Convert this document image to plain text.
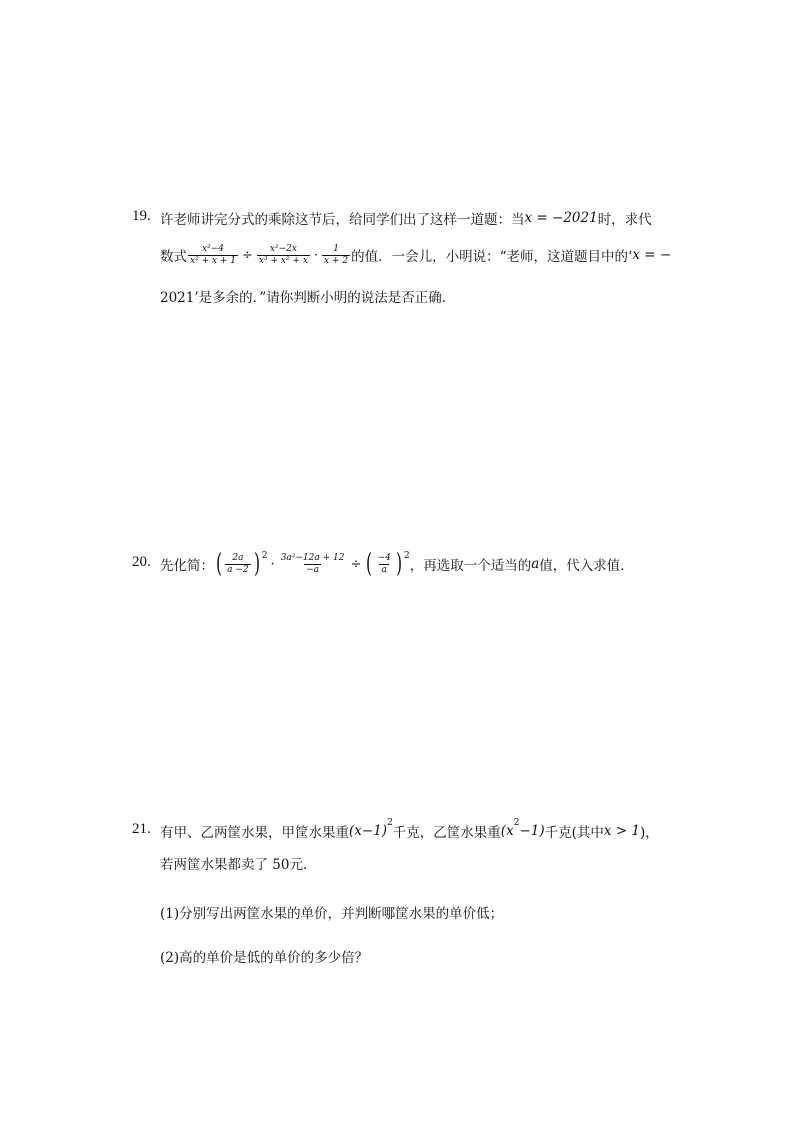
19. 许老师讲完分式的乘除这节后，给同学们出了这样一道题：当 x = −2021 时，求代
数式 $\frac{\text{x²−4}}{\text{x² + x + 1}} \div \frac{\text{x²−2x}}{\text{x³ + x² + x}} \cdot \frac{1}{x + 2}$ 的值．一会儿，小明说：“老师，这道题目中的‘ x = −
2021’是多余的．”请你判断小明的说法是否正确．
20. 先化简： ( $\frac{2a}{a -2}$ ) 2
· $\frac{\text{3a²−12a + 12}}{-a}$ ÷ ( $\frac{-4}{a}$ ) 2
，再选取一个适当的 a 值，代入求值．
21. 有甲、乙两筐水果，甲筐水果重 (x−1) 2
千克，乙筐水果重 (x 2 −1) 千克(其中 x > 1 )，
若两筐水果都卖了 50元．
(1)分别写出两筐水果的单价，并判断哪筐水果的单价低；
(2)高的单价是低的单价的多少倍？
